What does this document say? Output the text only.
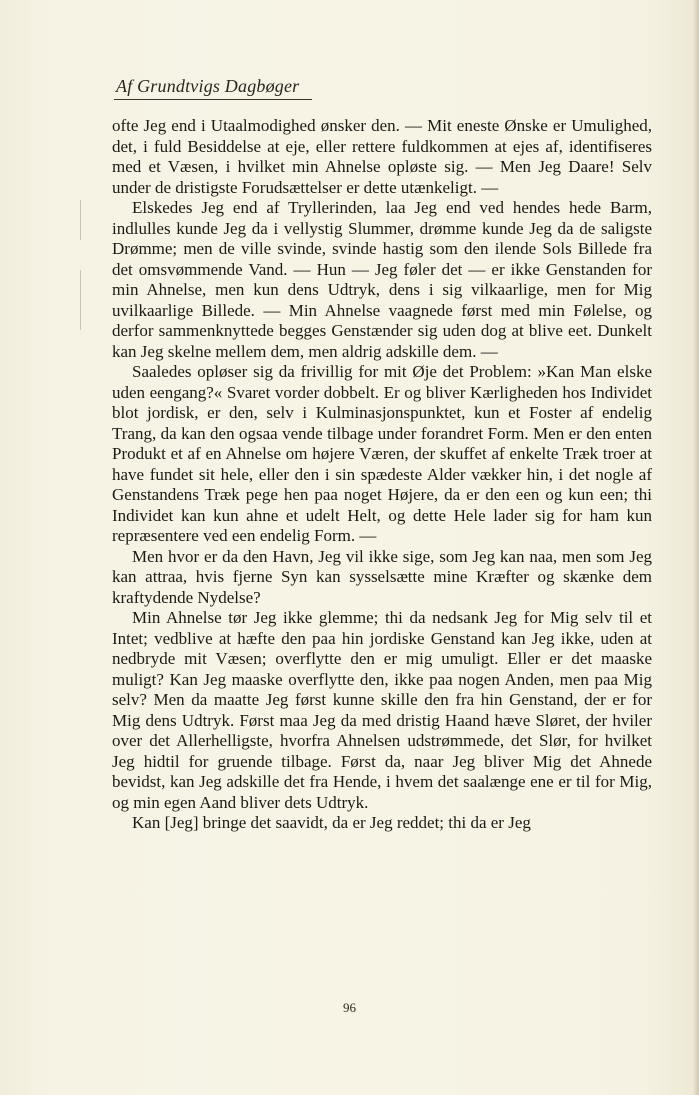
Af Grundtvigs Dagbøger

ofte Jeg end i Utaalmodighed ønsker den. — Mit eneste Ønske er Umulighed, det, i fuld Besiddelse at eje, eller rettere fuldkommen at ejes af, identifiseres med et Væsen, i hvilket min Ahnelse opløste sig. — Men Jeg Daare! Selv under de dristigste Forudsættelser er dette utænkeligt. —

Elskedes Jeg end af Tryllerinden, laa Jeg end ved hendes hede Barm, indlulles kunde Jeg da i vellystig Slummer, drømme kunde Jeg da de saligste Drømme; men de ville svinde, svinde hastig som den ilende Sols Billede fra det omsvømmende Vand. — Hun — Jeg føler det — er ikke Genstanden for min Ahnelse, men kun dens Udtryk, dens i sig vilkaarlige, men for Mig uvilkaarlige Billede. — Min Ahnelse vaagnede først med min Følelse, og derfor sammenknyttede begges Genstænder sig uden dog at blive eet. Dunkelt kan Jeg skelne mellem dem, men aldrig adskille dem. —

Saaledes opløser sig da frivillig for mit Øje det Problem: »Kan Man elske uden eengang?« Svaret vorder dobbelt. Er og bliver Kærligheden hos Individet blot jordisk, er den, selv i Kulminasjonspunktet, kun et Foster af endelig Trang, da kan den ogsaa vende tilbage under forandret Form. Men er den enten Produkt et af en Ahnelse om højere Væren, der skuffet af enkelte Træk troer at have fundet sit hele, eller den i sin spædeste Alder vækker hin, i det nogle af Genstandens Træk pege hen paa noget Højere, da er den een og kun een; thi Individet kan kun ahne et udelt Helt, og dette Hele lader sig for ham kun repræsentere ved een endelig Form. —

Men hvor er da den Havn, Jeg vil ikke sige, som Jeg kan naa, men som Jeg kan attraa, hvis fjerne Syn kan sysselsætte mine Kræfter og skænke dem kraftydende Nydelse?

Min Ahnelse tør Jeg ikke glemme; thi da nedsank Jeg for Mig selv til et Intet; vedblive at hæfte den paa hin jordiske Genstand kan Jeg ikke, uden at nedbryde mit Væsen; overflytte den er mig umuligt. Eller er det maaske muligt? Kan Jeg maaske overflytte den, ikke paa nogen Anden, men paa Mig selv? Men da maatte Jeg først kunne skille den fra hin Genstand, der er for Mig dens Udtryk. Først maa Jeg da med dristig Haand hæve Sløret, der hviler over det Allerhelligste, hvorfra Ahnelsen udstrømmede, det Slør, for hvilket Jeg hidtil for gruende tilbage. Først da, naar Jeg bliver Mig det Ahnede bevidst, kan Jeg adskille det fra Hende, i hvem det saalænge ene er til for Mig, og min egen Aand bliver dets Udtryk.

Kan [Jeg] bringe det saavidt, da er Jeg reddet; thi da er Jeg

96
